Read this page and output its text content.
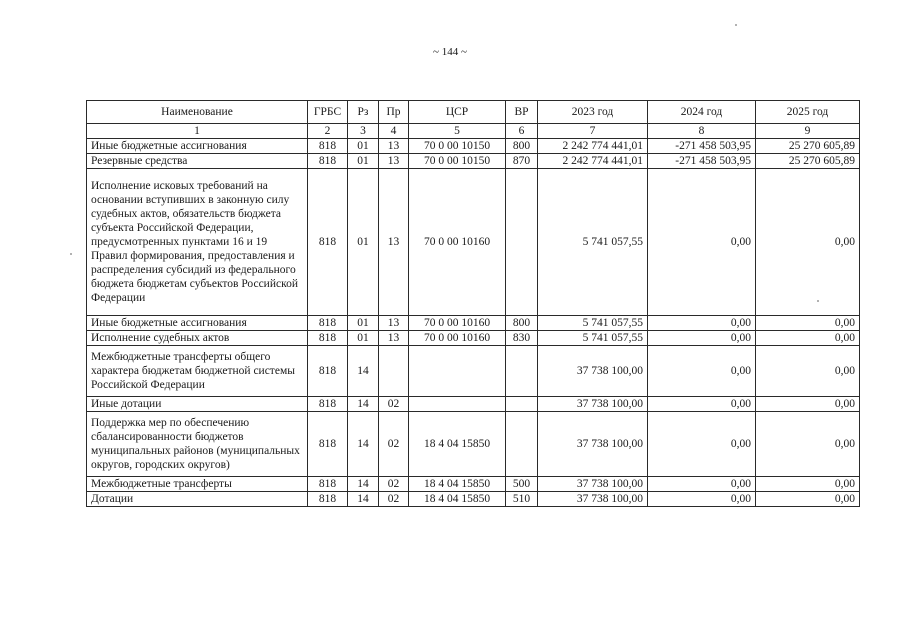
~ 144 ~
Наименование	ГРБС	Рз	Пр	ЦСР	ВР	2023 год	2024 год	2025 год
1	2	3	4	5	6	7	8	9
Иные бюджетные ассигнования	818	01	13	70 0 00 10150	800	2 242 774 441,01	-271 458 503,95	25 270 605,89
Резервные средства	818	01	13	70 0 00 10150	870	2 242 774 441,01	-271 458 503,95	25 270 605,89
Исполнение исковых требований на основании вступивших в законную силу судебных актов, обязательств бюджета субъекта Российской Федерации, предусмотренных пунктами 16 и 19 Правил формирования, предоставления и распределения субсидий из федерального бюджета бюджетам субъектов Российской Федерации	818	01	13	70 0 00 10160		5 741 057,55	0,00	0,00
Иные бюджетные ассигнования	818	01	13	70 0 00 10160	800	5 741 057,55	0,00	0,00
Исполнение судебных актов	818	01	13	70 0 00 10160	830	5 741 057,55	0,00	0,00
Межбюджетные трансферты общего характера бюджетам бюджетной системы Российской Федерации	818	14				37 738 100,00	0,00	0,00
Иные дотации	818	14	02			37 738 100,00	0,00	0,00
Поддержка мер по обеспечению сбалансированности бюджетов муниципальных районов (муниципальных округов, городских округов)	818	14	02	18 4 04 15850		37 738 100,00	0,00	0,00
Межбюджетные трансферты	818	14	02	18 4 04 15850	500	37 738 100,00	0,00	0,00
Дотации	818	14	02	18 4 04 15850	510	37 738 100,00	0,00	0,00
